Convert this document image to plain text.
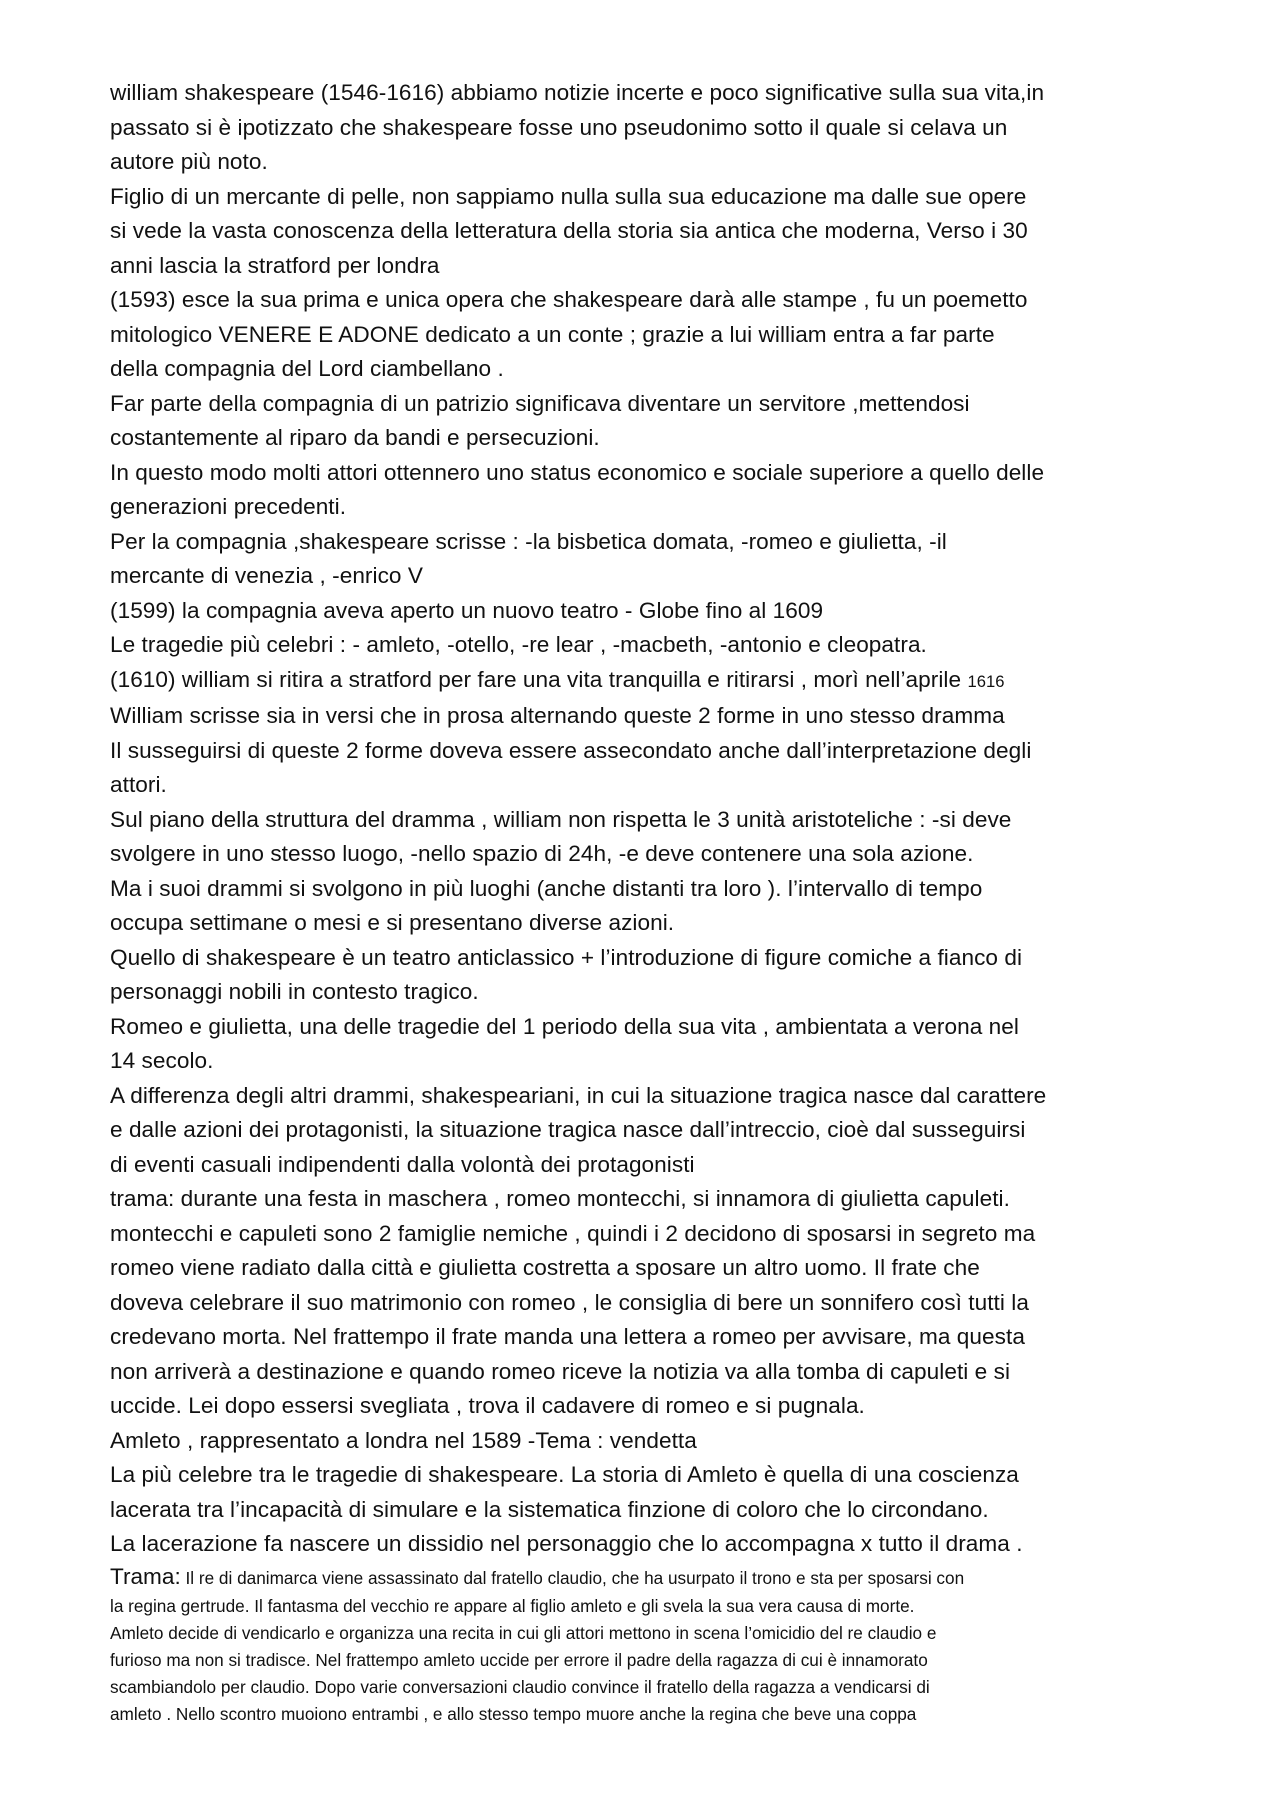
william shakespeare (1546-1616) abbiamo notizie incerte e poco significative sulla sua vita,in
passato si è ipotizzato che shakespeare fosse uno pseudonimo sotto il quale si celava un
autore più noto.
Figlio di un mercante di pelle, non sappiamo nulla sulla sua educazione ma dalle sue opere
si vede la vasta conoscenza della letteratura della storia sia antica che moderna, Verso i 30
anni lascia la stratford per londra
(1593) esce la sua prima e unica opera che shakespeare darà alle stampe , fu un poemetto
mitologico VENERE E ADONE dedicato a un conte ; grazie a lui william entra a far parte
della compagnia del Lord ciambellano .
Far parte della compagnia di un patrizio significava diventare un servitore ,mettendosi
costantemente al riparo da bandi e persecuzioni.
In questo modo molti attori ottennero uno status economico e sociale superiore a quello delle
generazioni precedenti.
Per la compagnia ,shakespeare scrisse : -la bisbetica domata, -romeo e giulietta, -il
mercante di venezia , -enrico V
(1599) la compagnia aveva aperto un nuovo teatro - Globe fino al 1609
Le tragedie più celebri : - amleto, -otello, -re lear , -macbeth, -antonio e cleopatra.
(1610) william si ritira a stratford per fare una vita tranquilla e ritirarsi , morì nell’aprile 1616
William scrisse sia in versi che in prosa alternando queste 2 forme in uno stesso dramma
Il susseguirsi di queste 2 forme doveva essere assecondato anche dall’interpretazione degli
attori.
Sul piano della struttura del dramma , william non rispetta le 3 unità aristoteliche : -si deve
svolgere in uno stesso luogo, -nello spazio di 24h, -e deve contenere una sola azione.
Ma i suoi drammi si svolgono in più luoghi (anche distanti tra loro ). l’intervallo di tempo
occupa settimane o mesi e si presentano diverse azioni.
Quello di shakespeare è un teatro anticlassico + l’introduzione di figure comiche a fianco di
personaggi nobili in contesto tragico.
Romeo e giulietta, una delle tragedie del 1 periodo della sua vita , ambientata a verona nel
14 secolo.
A differenza degli altri drammi, shakespeariani, in cui la situazione tragica nasce dal carattere
e dalle azioni dei protagonisti, la situazione tragica nasce dall’intreccio, cioè dal susseguirsi
di eventi casuali indipendenti dalla volontà dei protagonisti
trama: durante una festa in maschera , romeo montecchi, si innamora di giulietta capuleti.
montecchi e capuleti sono 2 famiglie nemiche , quindi i 2 decidono di sposarsi in segreto ma
romeo viene radiato dalla città e giulietta costretta a sposare un altro uomo. Il frate che
doveva celebrare il suo matrimonio con romeo , le consiglia di bere un sonnifero così tutti la
credevano morta. Nel frattempo il frate manda una lettera a romeo per avvisare, ma questa
non arriverà a destinazione e quando romeo riceve la notizia va alla tomba di capuleti e si
uccide. Lei dopo essersi svegliata , trova il cadavere di romeo e si pugnala.
Amleto , rappresentato a londra nel 1589 -Tema : vendetta
La più celebre tra le tragedie di shakespeare. La storia di Amleto è quella di una coscienza
lacerata tra l’incapacità di simulare e la sistematica finzione di coloro che lo circondano.
La lacerazione fa nascere un dissidio nel personaggio che lo accompagna x tutto il drama .
Trama: Il re di danimarca viene assassinato dal fratello claudio, che ha usurpato il trono e sta per sposarsi con
la regina gertrude. Il fantasma del vecchio re appare al figlio amleto e gli svela la sua vera causa di morte.
Amleto decide di vendicarlo e organizza una recita in cui gli attori mettono in scena l’omicidio del re claudio e
furioso ma non si tradisce. Nel frattempo amleto uccide per errore il padre della ragazza di cui è innamorato
scambiandolo per claudio. Dopo varie conversazioni claudio convince il fratello della ragazza a vendicarsi di
amleto . Nello scontro muoiono entrambi , e allo stesso tempo muore anche la regina che beve una coppa
